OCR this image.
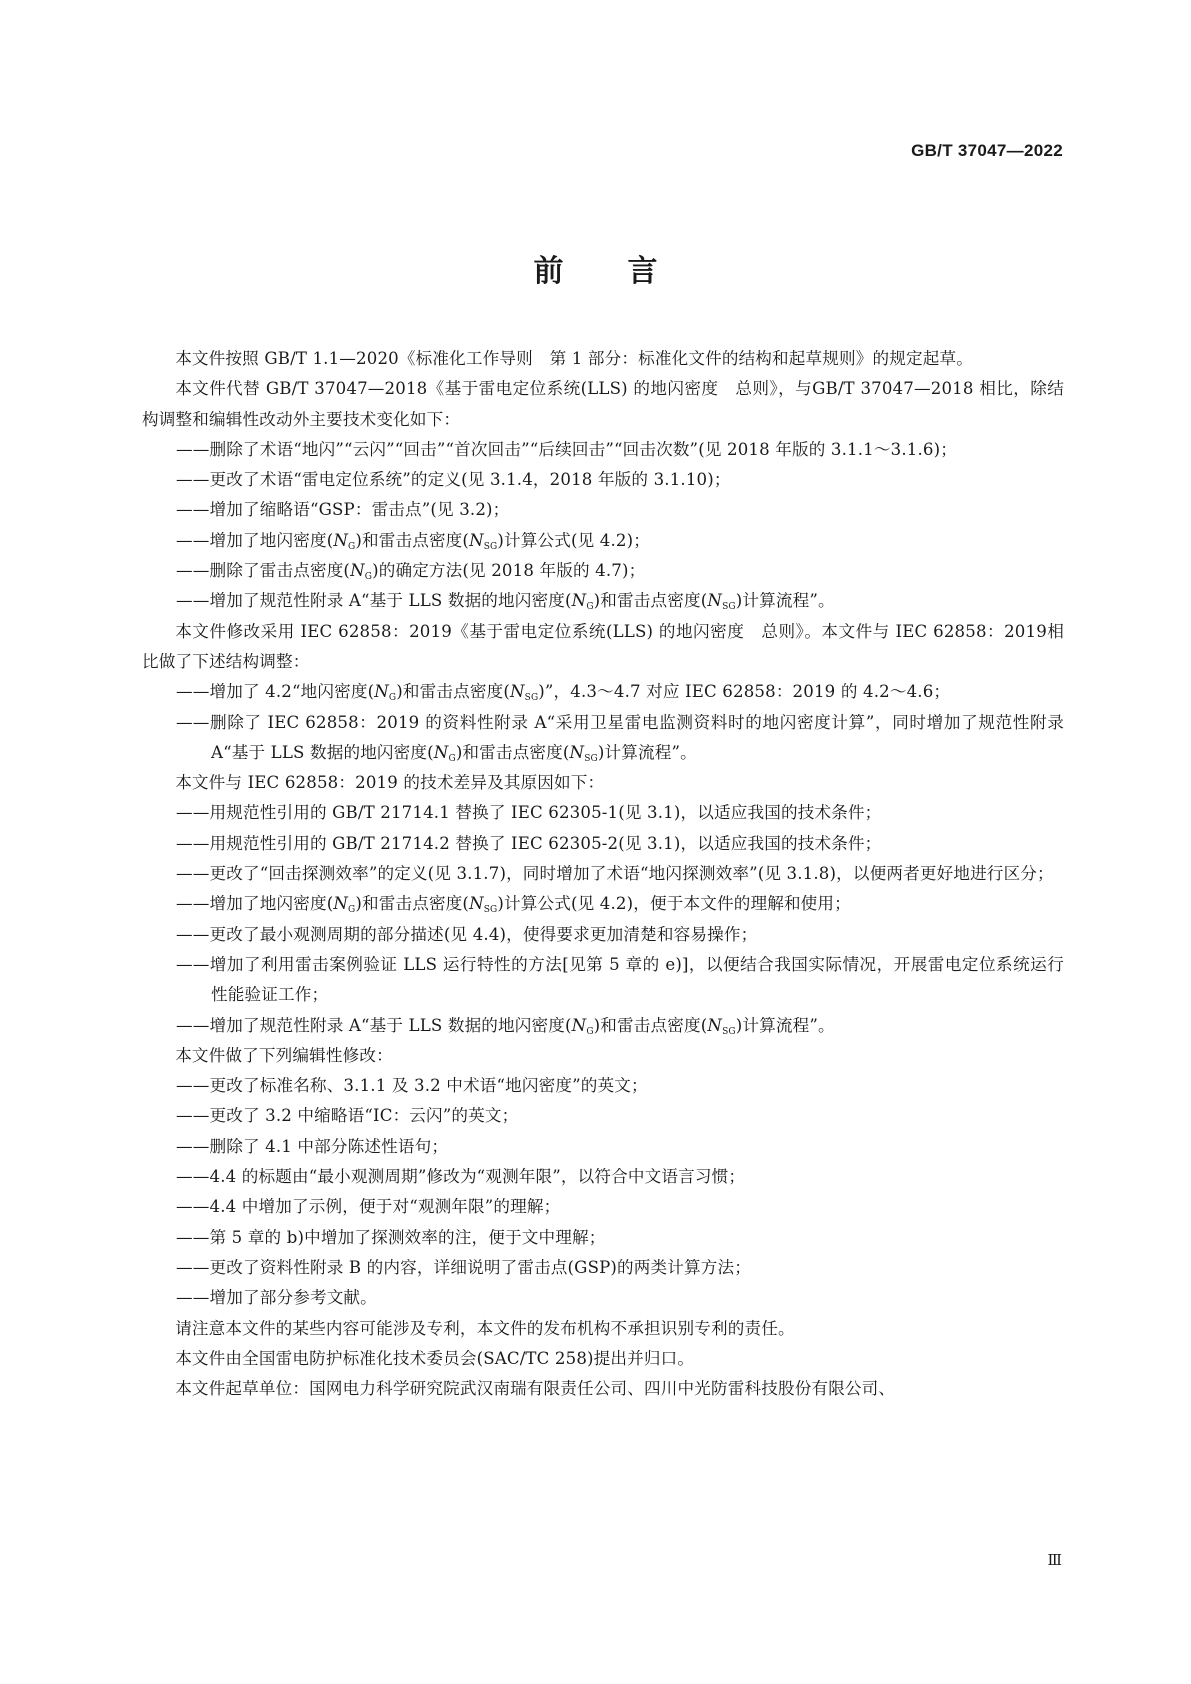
GB/T 37047—2022
前 言

本文件按照 GB/T 1.1—2020《标准化工作导则　第 1 部分：标准化文件的结构和起草规则》的规定起草。

本文件代替 GB/T 37047—2018《基于雷电定位系统(LLS) 的地闪密度　总则》，与GB/T 37047—2018 相比，除结构调整和编辑性改动外主要技术变化如下：

——删除了术语“地闪”“云闪”“回击”“首次回击”“后续回击”“回击次数”(见 2018 年版的 3.1.1～3.1.6)；

——更改了术语“雷电定位系统”的定义(见 3.1.4，2018 年版的 3.1.10)；

——增加了缩略语“GSP：雷击点”(见 3.2)；

——增加了地闪密度$(N_G)$和雷击点密度$(N_{SG})$计算公式(见 4.2)；

——删除了雷击点密度$(N_G)$的确定方法(见 2018 年版的 4.7)；

——增加了规范性附录 A“基于 LLS 数据的地闪密度$(N_G)$和雷击点密度$(N_{SG})$计算流程”。

本文件修改采用 IEC 62858：2019《基于雷电定位系统(LLS) 的地闪密度　总则》。本文件与 IEC 62858：2019相比做了下述结构调整：

——增加了 4.2“地闪密度$(N_G)$和雷击点密度$(N_{SG})$”，4.3～4.7 对应 IEC 62858：2019 的 4.2～4.6；

——删除了 IEC 62858：2019 的资料性附录 A“采用卫星雷电监测资料时的地闪密度计算”，同时增加了规范性附录 A“基于 LLS 数据的地闪密度$(N_G)$和雷击点密度$(N_{SG})$计算流程”。

本文件与 IEC 62858：2019 的技术差异及其原因如下：

——用规范性引用的 GB/T 21714.1 替换了 IEC 62305-1(见 3.1)，以适应我国的技术条件；

——用规范性引用的 GB/T 21714.2 替换了 IEC 62305-2(见 3.1)，以适应我国的技术条件；

——更改了“回击探测效率”的定义(见 3.1.7)，同时增加了术语“地闪探测效率”(见 3.1.8)，以便两者更好地进行区分；

——增加了地闪密度$(N_G)$和雷击点密度$(N_{SG})$计算公式(见 4.2)，便于本文件的理解和使用；

——更改了最小观测周期的部分描述(见 4.4)，使得要求更加清楚和容易操作；

——增加了利用雷击案例验证 LLS 运行特性的方法[见第 5 章的 e)]，以便结合我国实际情况，开展雷电定位系统运行性能验证工作；

——增加了规范性附录 A“基于 LLS 数据的地闪密度$(N_G)$和雷击点密度$(N_{SG})$计算流程”。

本文件做了下列编辑性修改：

——更改了标准名称、3.1.1 及 3.2 中术语“地闪密度”的英文；

——更改了 3.2 中缩略语“IC：云闪”的英文；

——删除了 4.1 中部分陈述性语句；

——4.4 的标题由“最小观测周期”修改为“观测年限”，以符合中文语言习惯；

——4.4 中增加了示例，便于对“观测年限”的理解；

——第 5 章的 b)中增加了探测效率的注，便于文中理解；

——更改了资料性附录 B 的内容，详细说明了雷击点(GSP)的两类计算方法；

——增加了部分参考文献。

请注意本文件的某些内容可能涉及专利，本文件的发布机构不承担识别专利的责任。

本文件由全国雷电防护标准化技术委员会(SAC/TC 258)提出并归口。

本文件起草单位：国网电力科学研究院武汉南瑞有限责任公司、四川中光防雷科技股份有限公司、

Ⅲ
